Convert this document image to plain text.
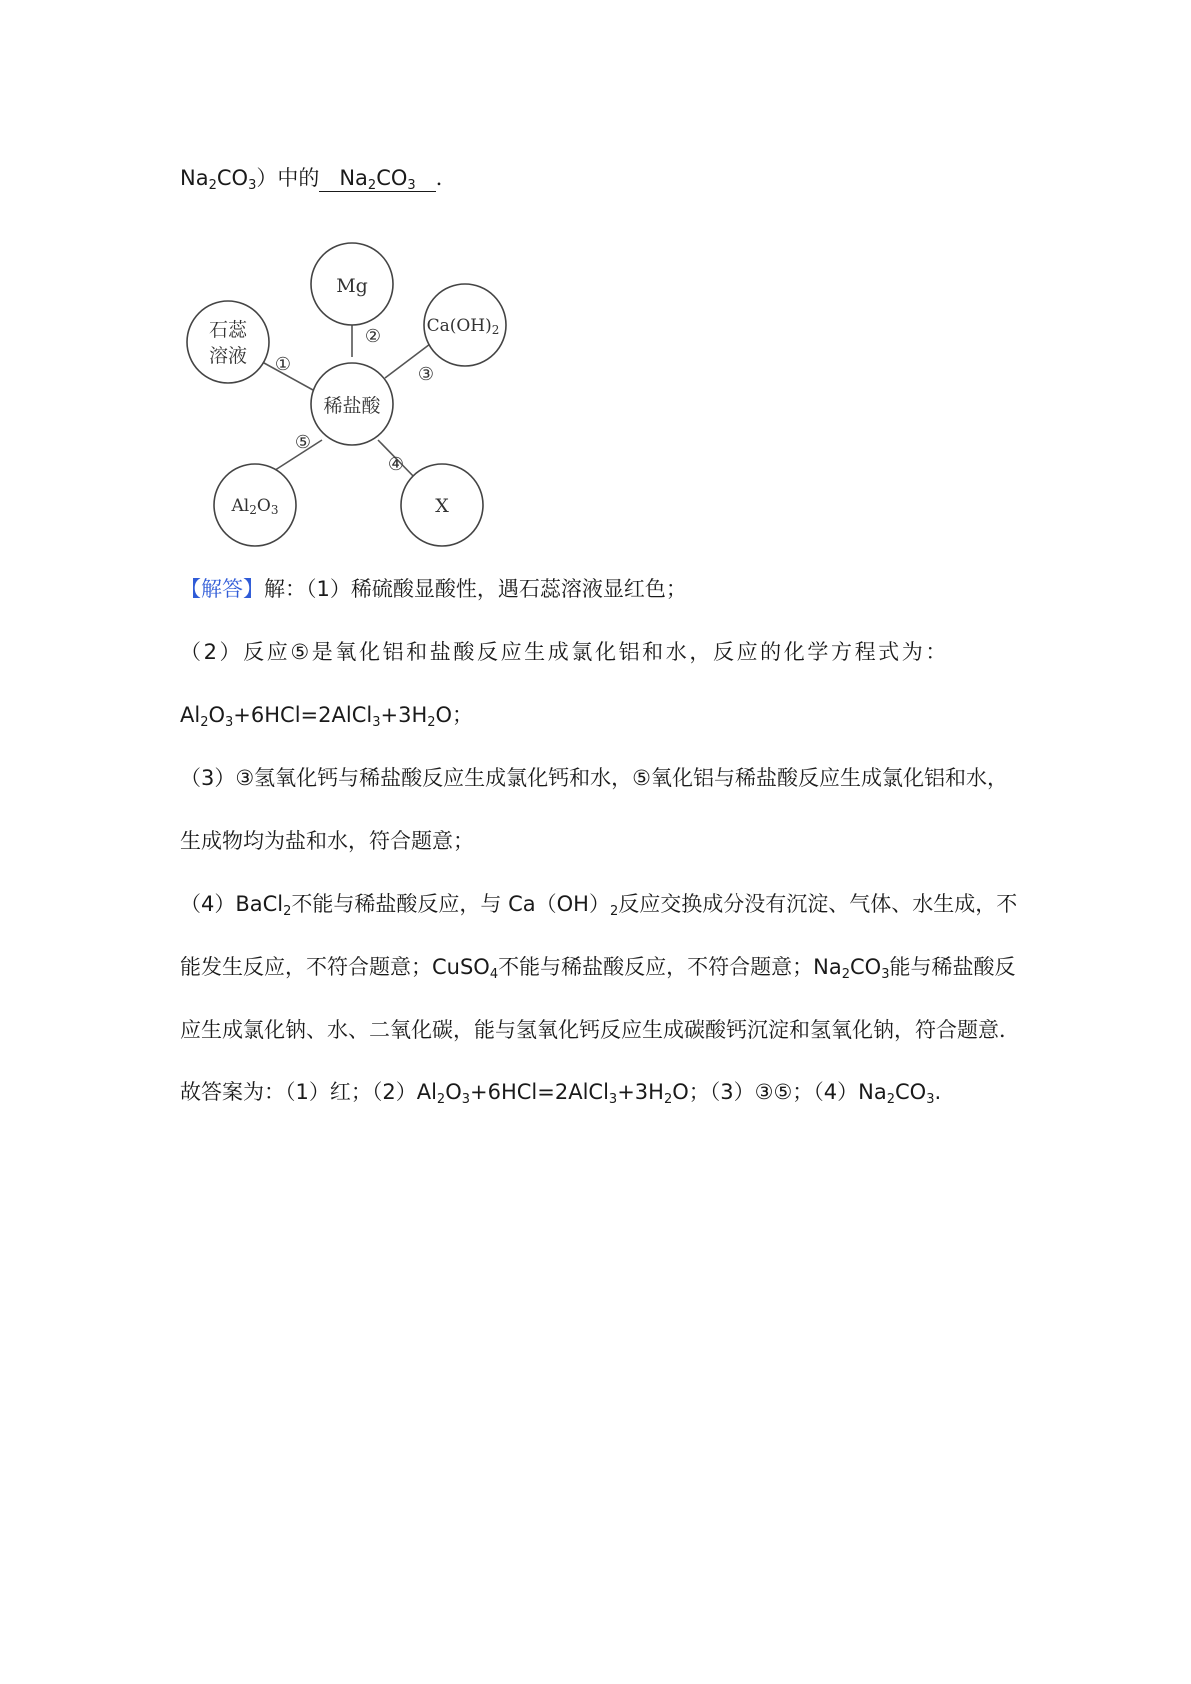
$Na_2CO_3$）中的 $Na_2CO_3$ ．
稀盐酸
Mg
石蕊
溶液
Ca(OH)2
Al2O3	X
①
②
③
④
⑤
【解答】解：（1）稀硫酸显酸性，遇石蕊溶液显红色；
（2）反应⑤是氧化铝和盐酸反应生成氯化铝和水，反应的化学方程式为：
$Al_2O_3+6HCl=2AlCl_3+3H_2O$；
（3）③氢氧化钙与稀盐酸反应生成氯化钙和水，⑤氧化铝与稀盐酸反应生成氯化铝和水，
生成物均为盐和水，符合题意；
（4）BaCl$_2$不能与稀盐酸反应，与 $Ca(OH)_2$反应交换成分没有沉淀、气体、水生成，不
能发生反应，不符合题意；CuSO$_4$不能与稀盐酸反应，不符合题意；$Na_2CO_3$能与稀盐酸反
应生成氯化钠、水、二氧化碳，能与氢氧化钙反应生成碳酸钙沉淀和氢氧化钠，符合题意．
故答案为：（1）红；$(2)Al_2O_3+6HCl=2AlCl_3+3H_2O$；（3）③⑤；$(4)Na_2CO_3$.
